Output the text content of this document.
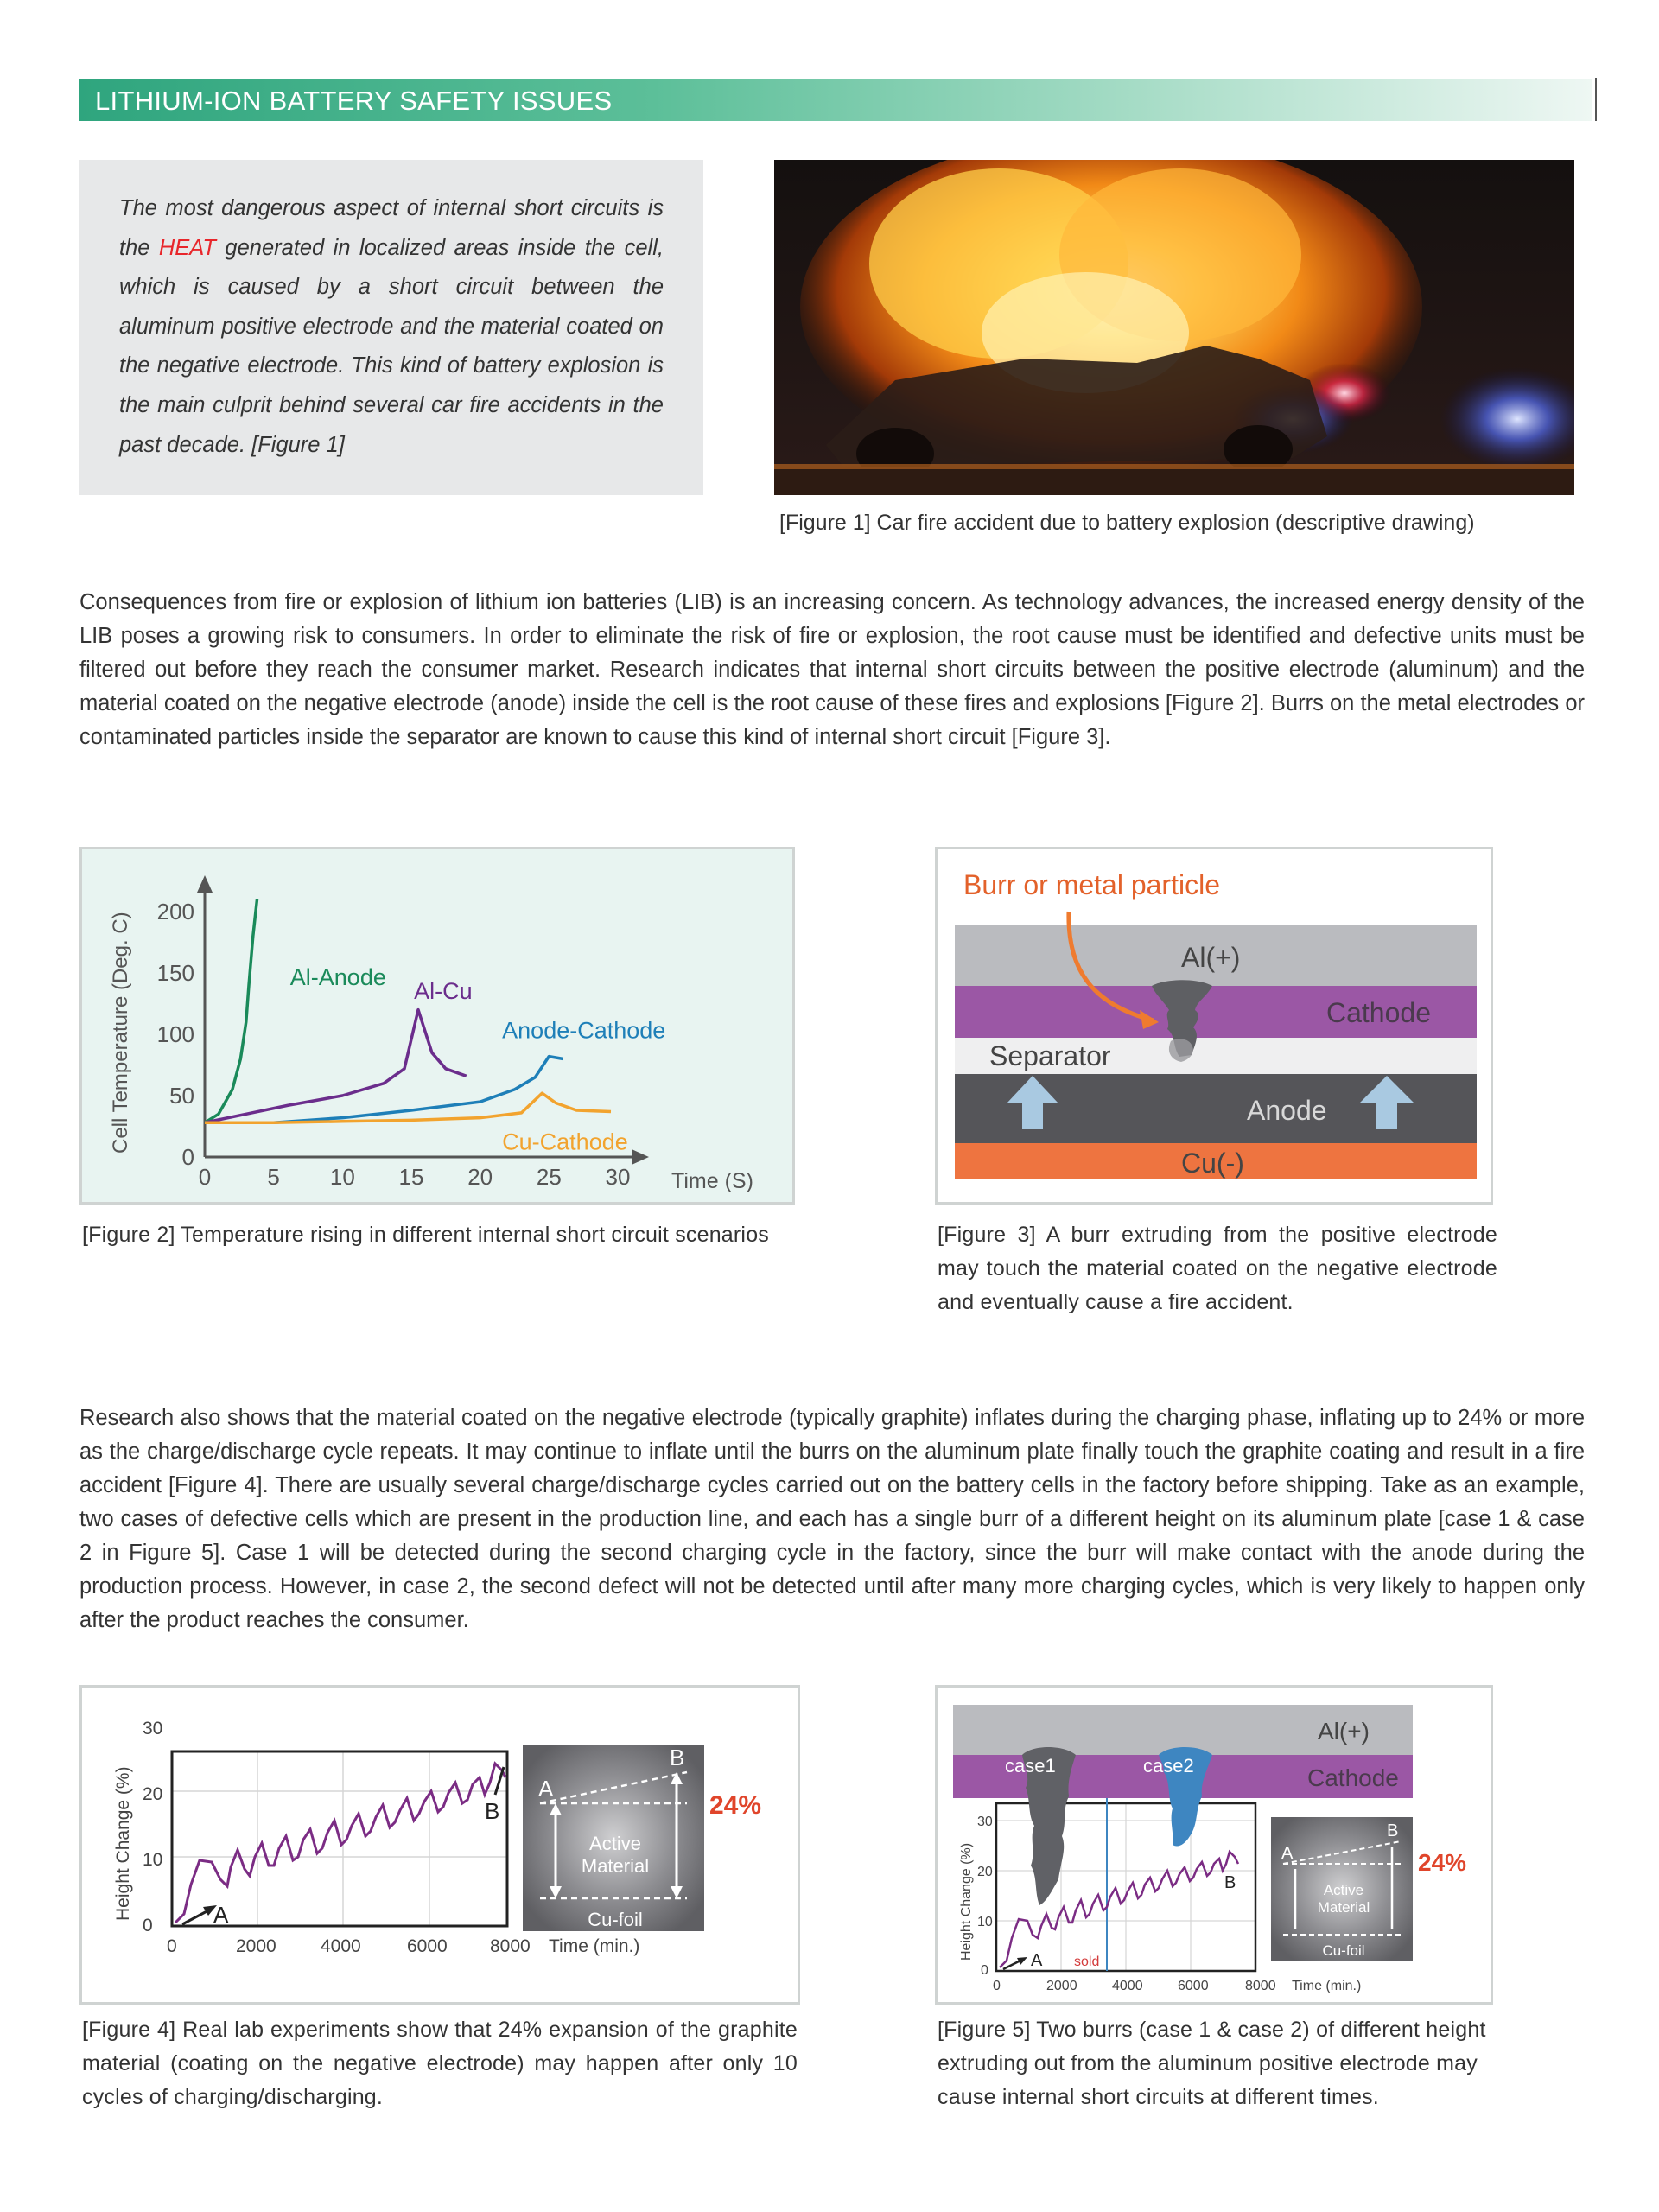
LITHIUM-ION BATTERY SAFETY ISSUES
The most dangerous aspect of internal short circuits is the HEAT generated in localized areas inside the cell, which is caused by a short circuit between the aluminum positive electrode and the material coated on the negative electrode. This kind of battery explosion is the main culprit behind several car fire accidents in the past decade. [Figure 1]
[Figure 1] Car fire accident due to battery explosion (descriptive drawing)
Consequences from fire or explosion of lithium ion batteries (LIB) is an increasing concern. As technology advances, the increased energy density of the LIB poses a growing risk to consumers. In order to eliminate the risk of fire or explosion, the root cause must be identified and defective units must be filtered out before they reach the consumer market. Research indicates that internal short circuits between the positive electrode (aluminum) and the material coated on the negative electrode (anode) inside the cell is the root cause of these fires and explosions [Figure 2]. Burrs on the metal electrodes or contaminated particles inside the separator are known to cause this kind of internal short circuit [Figure 3].
0	5 10 15 20 25 30
0
50
100
150
200
Time (S)
Cell Temperature (Deg. C)	Al-Anode
Al-Cu
Anode-Cathode
Cu-Cathode
[Figure 2] Temperature rising in different internal short circuit scenarios
Burr or metal particle
Al(+)
Cathode
Separator
Anode
Cu(-)
[Figure 3] A burr extruding from the positive electrode may touch the material coated on the negative electrode and eventually cause a fire accident.
Research also shows that the material coated on the negative electrode (typically graphite) inflates during the charging phase, inflating up to 24% or more as the charge/discharge cycle repeats. It may continue to inflate until the burrs on the aluminum plate finally touch the graphite coating and result in a fire accident [Figure 4]. There are usually several charge/discharge cycles carried out on the battery cells in the factory before shipping. Take as an example, two cases of defective cells which are present in the production line, and each has a single burr of a different height on its aluminum plate [case 1 & case 2 in Figure 5]. Case 1 will be detected during the second charging cycle in the factory, since the burr will make contact with the anode during the production process. However, in case 2, the second defect will not be detected until after many more charging cycles, which is very likely to happen only after the product reaches the consumer.
Height Change (%)
0
10
20
30
0	2000 4000	6000 8000 Time (min.)
A
B
A
B
Active Material
Cu-foil
24%
[Figure 4] Real lab experiments show that 24% expansion of the graphite material (coating on the negative electrode) may happen after only 10 cycles of charging/discharging.
Al(+)
Cathode
case1	case2
sold
A
B
Height Change (%)
0
10
20
30
0	2000	4000	6000	8000 Time (min.)
A
B
Active Material
Cu-foil
24%
[Figure 5] Two burrs (case 1 & case 2) of different height extruding out from the aluminum positive electrode may cause internal short circuits at different times.
